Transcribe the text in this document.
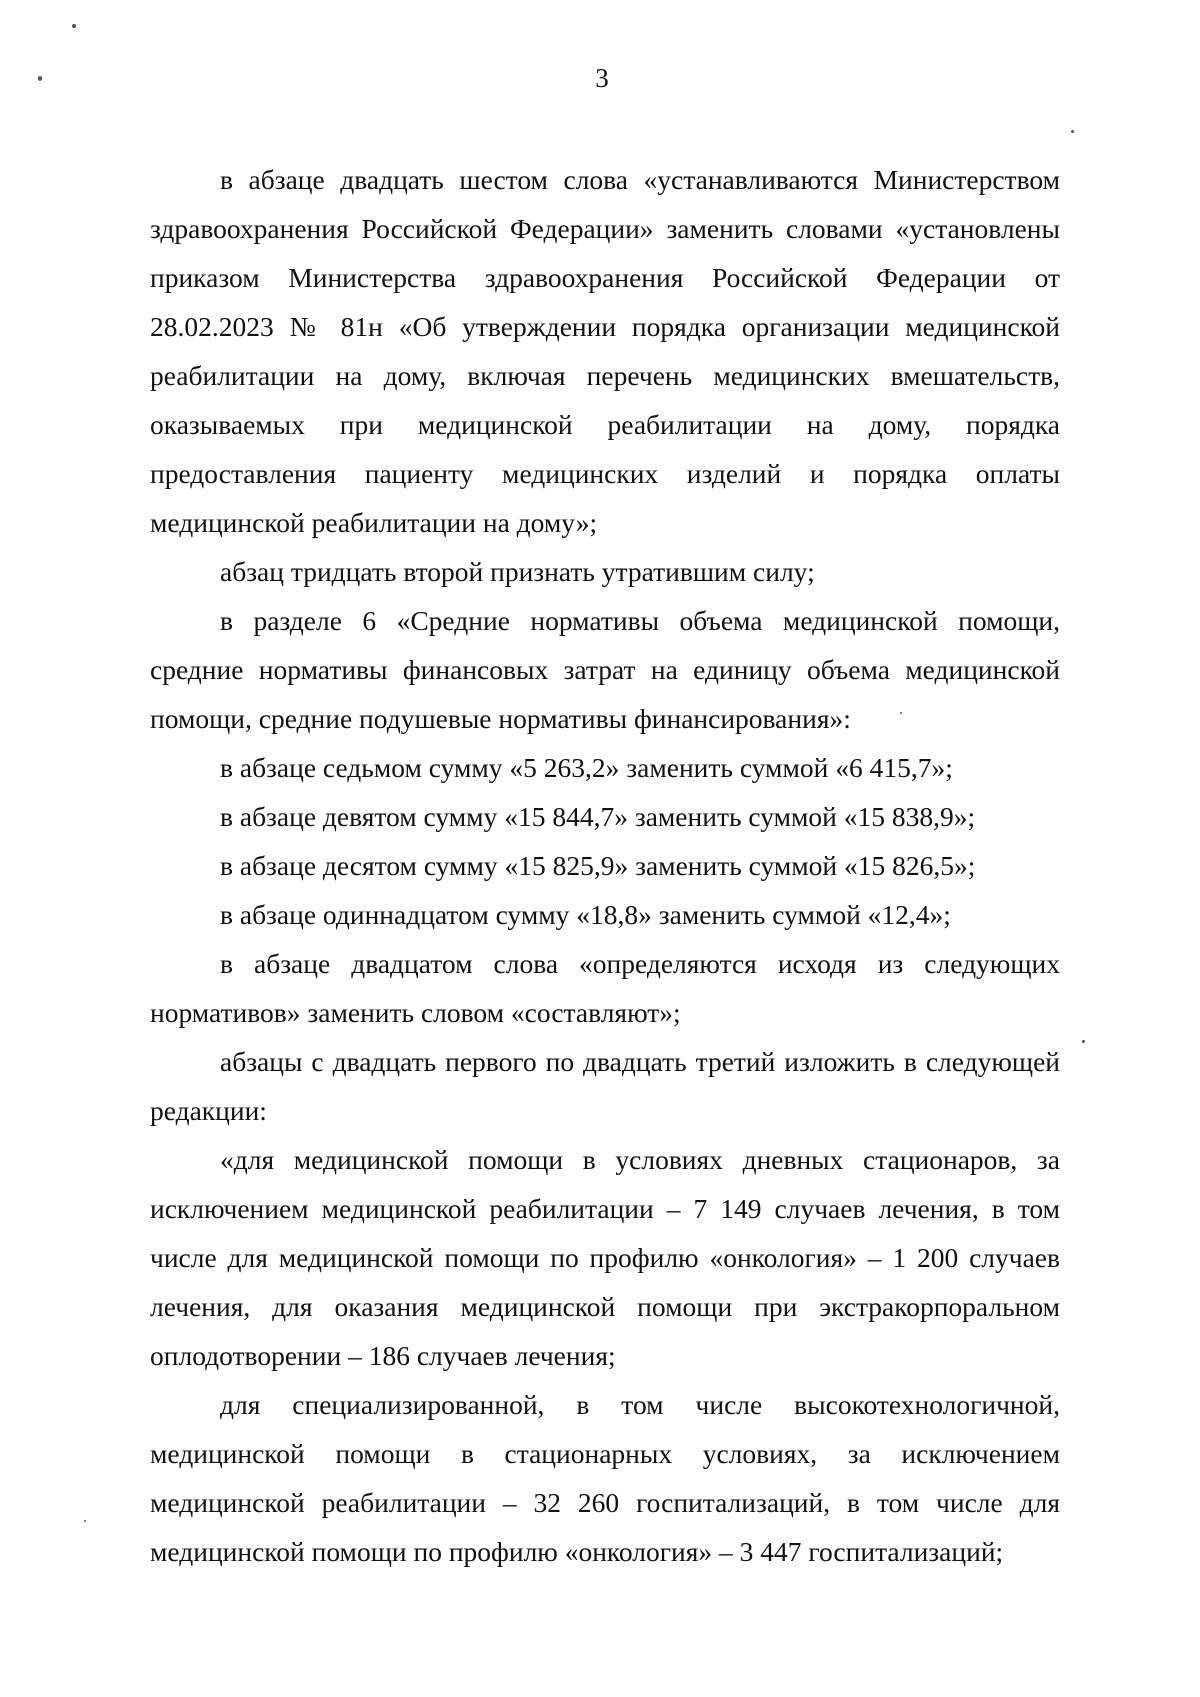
3

в абзаце двадцать шестом слова «устанавливаются Министерством здравоохранения Российской Федерации» заменить словами «установлены приказом Министерства здравоохранения Российской Федерации от 28.02.2023 № 81н «Об утверждении порядка организации медицинской реабилитации на дому, включая перечень медицинских вмешательств, оказываемых при медицинской реабилитации на дому, порядка предоставления пациенту медицинских изделий и порядка оплаты медицинской реабилитации на дому»;

абзац тридцать второй признать утратившим силу;

в разделе 6 «Средние нормативы объема медицинской помощи, средние нормативы финансовых затрат на единицу объема медицинской помощи, средние подушевые нормативы финансирования»:

в абзаце седьмом сумму «5 263,2» заменить суммой «6 415,7»;

в абзаце девятом сумму «15 844,7» заменить суммой «15 838,9»;

в абзаце десятом сумму «15 825,9» заменить суммой «15 826,5»;

в абзаце одиннадцатом сумму «18,8» заменить суммой «12,4»;

в абзаце двадцатом слова «определяются исходя из следующих нормативов» заменить словом «составляют»;

абзацы с двадцать первого по двадцать третий изложить в следующей редакции:

«для медицинской помощи в условиях дневных стационаров, за исключением медицинской реабилитации – 7 149 случаев лечения, в том числе для медицинской помощи по профилю «онкология» – 1 200 случаев лечения, для оказания медицинской помощи при экстракорпоральном оплодотворении – 186 случаев лечения;

для специализированной, в том числе высокотехнологичной, медицинской помощи в стационарных условиях, за исключением медицинской реабилитации – 32 260 госпитализаций, в том числе для медицинской помощи по профилю «онкология» – 3 447 госпитализаций;
